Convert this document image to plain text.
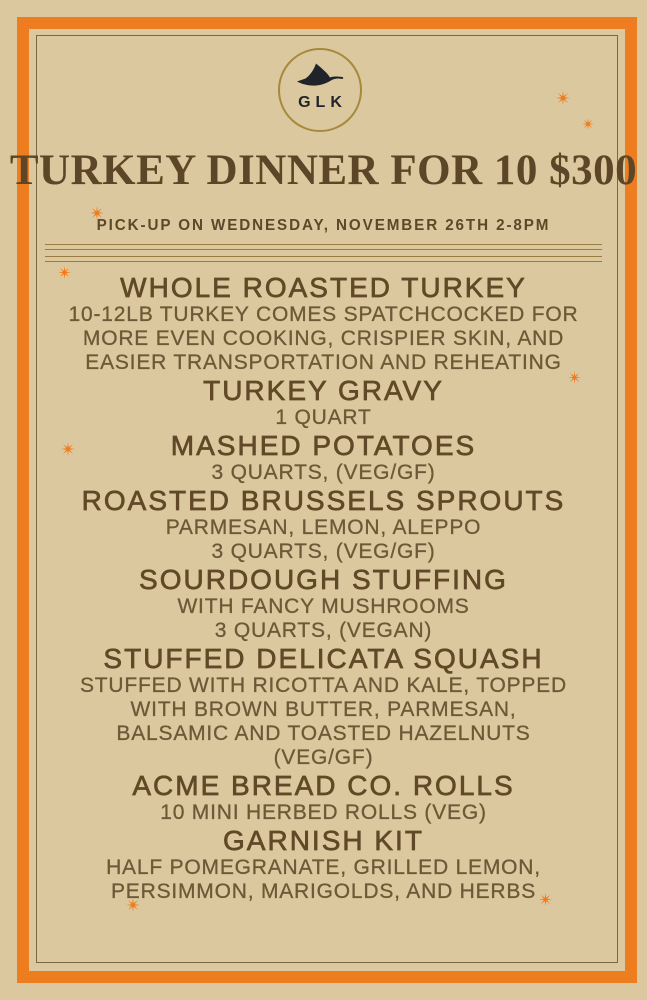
GLK
TURKEY DINNER FOR 10 $300
PICK-UP ON WEDNESDAY, NOVEMBER 26TH 2-8PM
WHOLE ROASTED TURKEY
10-12LB TURKEY COMES SPATCHCOCKED FOR
MORE EVEN COOKING, CRISPIER SKIN, AND
EASIER TRANSPORTATION AND REHEATING
TURKEY GRAVY
1 QUART
MASHED POTATOES
3 QUARTS, (VEG/GF)
ROASTED BRUSSELS SPROUTS
PARMESAN, LEMON, ALEPPO
3 QUARTS, (VEG/GF)
SOURDOUGH STUFFING
WITH FANCY MUSHROOMS
3 QUARTS, (VEGAN)
STUFFED DELICATA SQUASH
STUFFED WITH RICOTTA AND KALE, TOPPED
WITH BROWN BUTTER, PARMESAN,
BALSAMIC AND TOASTED HAZELNUTS
(VEG/GF)
ACME BREAD CO. ROLLS
10 MINI HERBED ROLLS (VEG)
GARNISH KIT
HALF POMEGRANATE, GRILLED LEMON,
PERSIMMON, MARIGOLDS, AND HERBS
